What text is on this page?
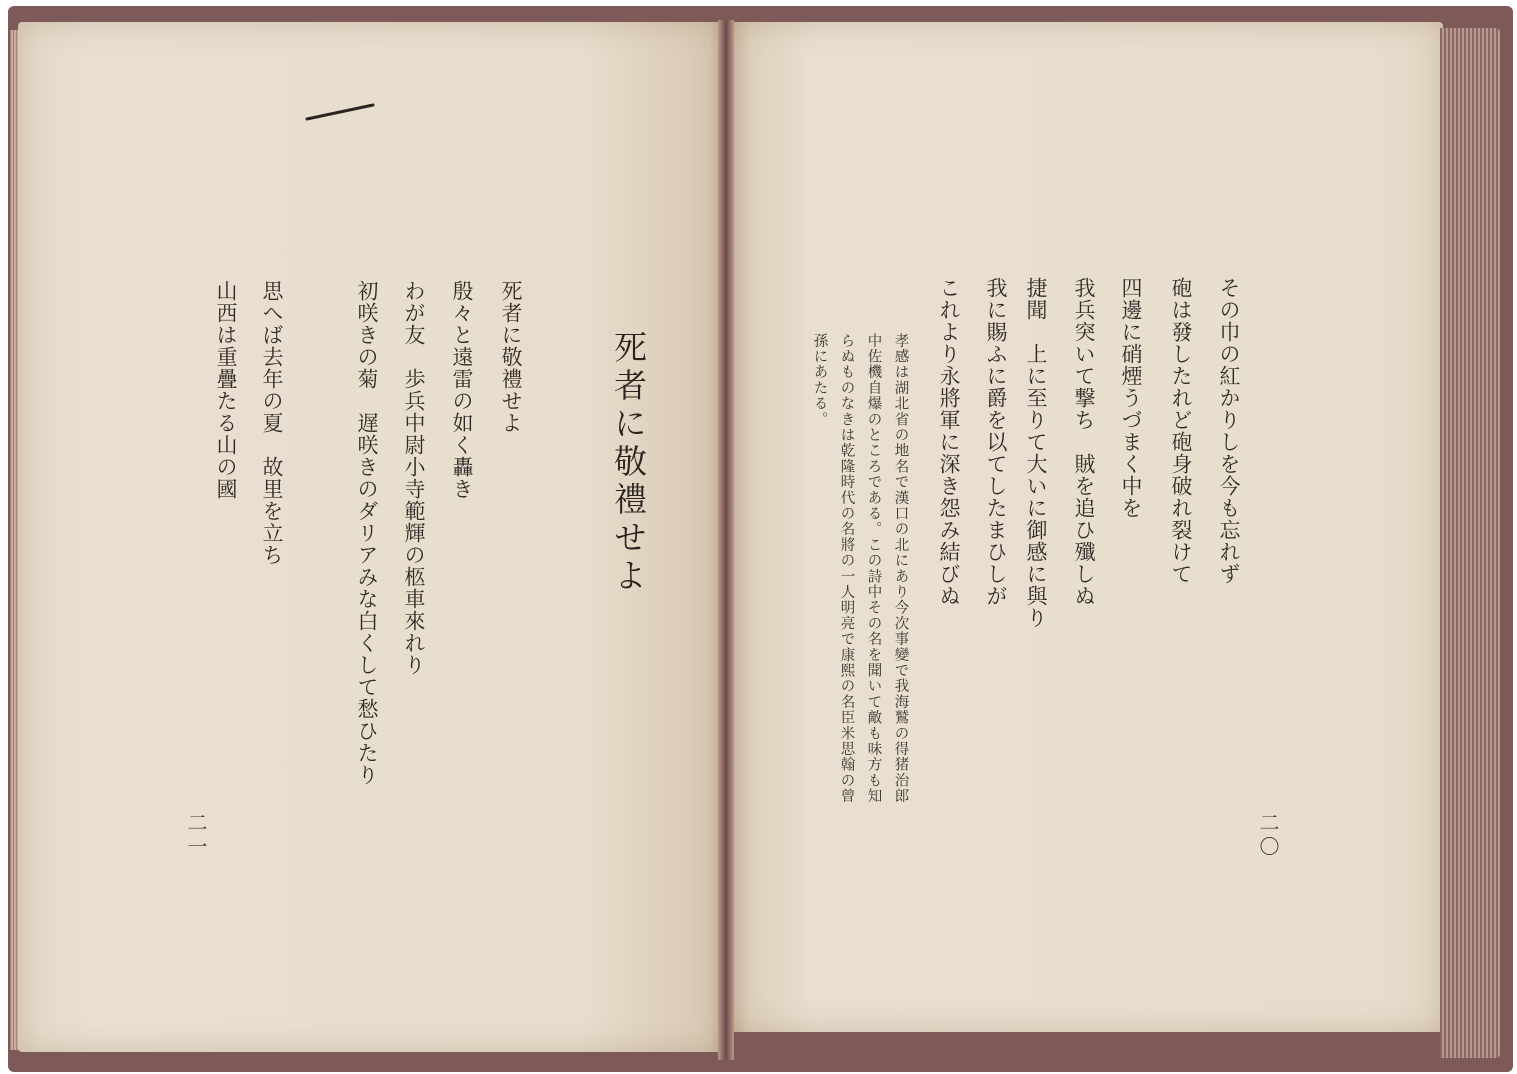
その巾の紅かりしを今も忘れず
砲は發したれど砲身破れ裂けて
四邊に硝煙うづまく中を
我兵突いて撃ち　賊を追ひ殲しぬ
捷聞　上に至りて大いに御感に與り
我に賜ふに爵を以てしたまひしが
これより永將軍に深き怨み結びぬ
孝感は湖北省の地名で漢口の北にあり今次事變で我海鷲の得猪治郎
中佐機自爆のところである。この詩中その名を聞いて敵も味方も知
らぬものなきは乾隆時代の名將の一人明亮で康熙の名臣米思翰の曾
孫にあたる。
二〇
死者に敬禮せよ
死者に敬禮せよ
殷々と遠雷の如く轟き
わが友　歩兵中尉小寺範輝の柩車來れり
初咲きの菊　遅咲きのダリアみな白くして愁ひたり
思へば去年の夏　故里を立ち
山西は重疊たる山の國
二一
